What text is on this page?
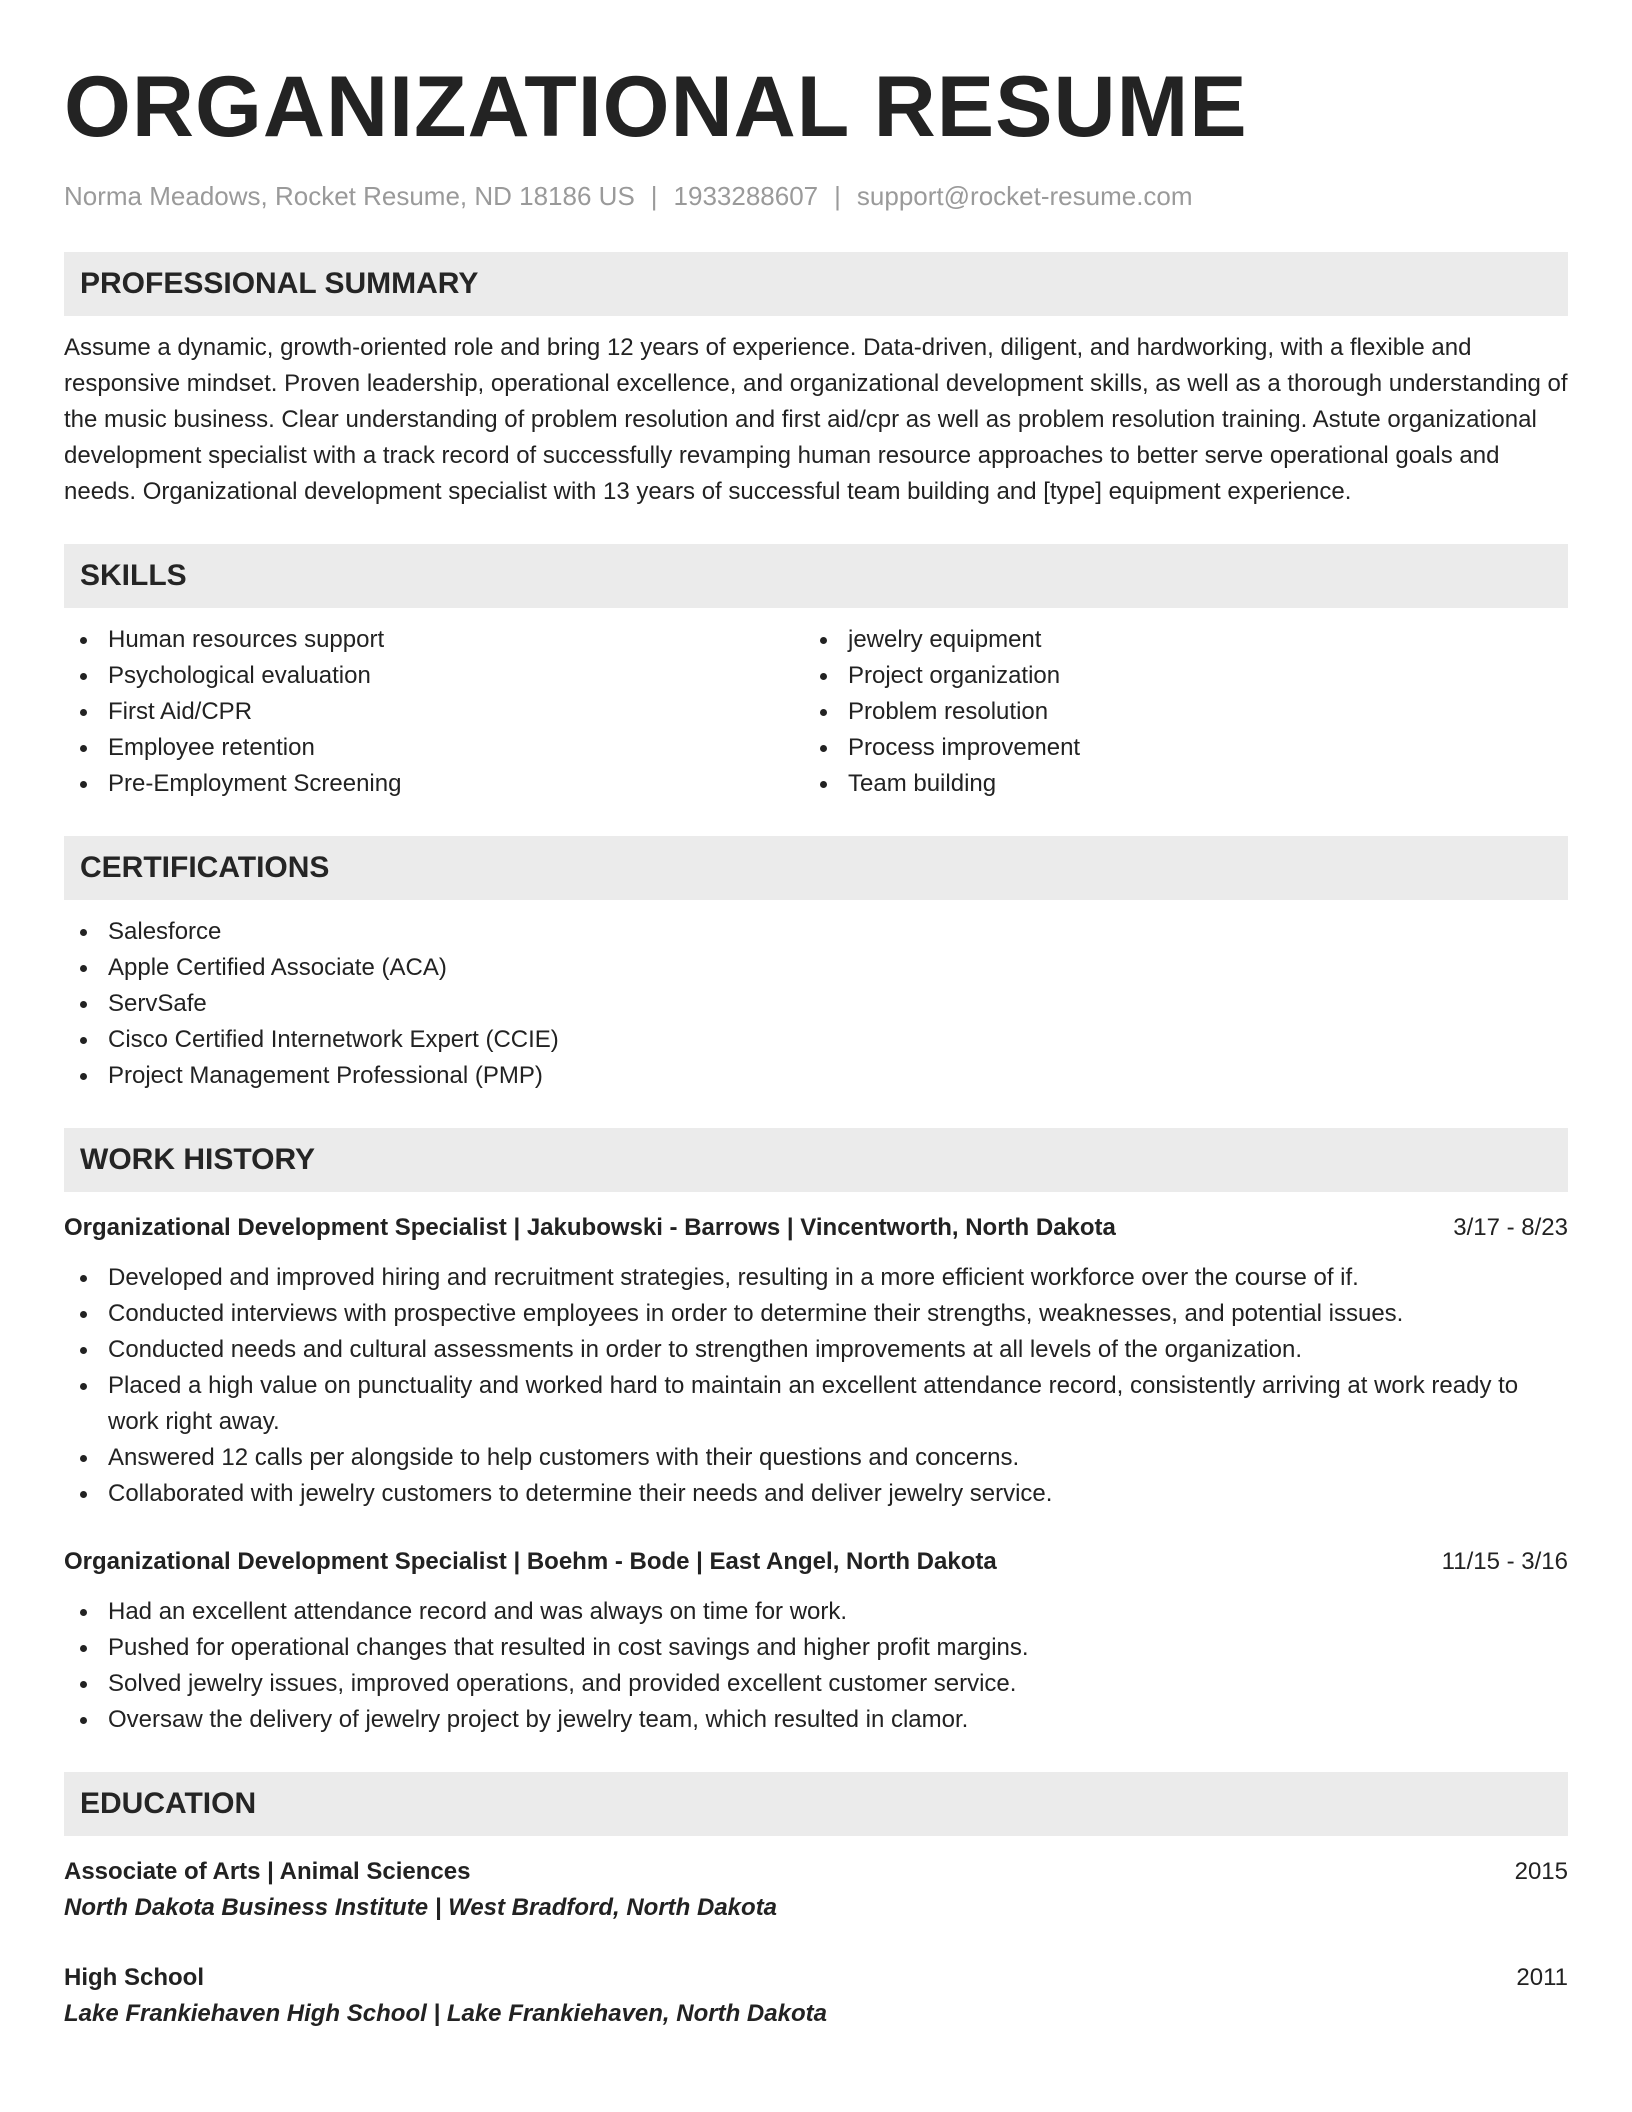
ORGANIZATIONAL RESUME
Norma Meadows, Rocket Resume, ND 18186 US | 1933288607 | support@rocket-resume.com
PROFESSIONAL SUMMARY

Assume a dynamic, growth-oriented role and bring 12 years of experience. Data-driven, diligent, and hardworking, with a flexible and responsive mindset. Proven leadership, operational excellence, and organizational development skills, as well as a thorough understanding of the music business. Clear understanding of problem resolution and first aid/cpr as well as problem resolution training. Astute organizational development specialist with a track record of successfully revamping human resource approaches to better serve operational goals and needs. Organizational development specialist with 13 years of successful team building and [type] equipment experience.

SKILLS
Human resources support
Psychological evaluation
First Aid/CPR
Employee retention
Pre-Employment Screening
jewelry equipment
Project organization
Problem resolution
Process improvement
Team building
CERTIFICATIONS
Salesforce
Apple Certified Associate (ACA)
ServSafe
Cisco Certified Internetwork Expert (CCIE)
Project Management Professional (PMP)
WORK HISTORY
Organizational Development Specialist | Jakubowski - Barrows | Vincentworth, North Dakota	3/17 - 8/23
Developed and improved hiring and recruitment strategies, resulting in a more efficient workforce over the course of if.
Conducted interviews with prospective employees in order to determine their strengths, weaknesses, and potential issues.
Conducted needs and cultural assessments in order to strengthen improvements at all levels of the organization.
Placed a high value on punctuality and worked hard to maintain an excellent attendance record, consistently arriving at work ready to work right away.
Answered 12 calls per alongside to help customers with their questions and concerns.
Collaborated with jewelry customers to determine their needs and deliver jewelry service.
Organizational Development Specialist | Boehm - Bode | East Angel, North Dakota	11/15 - 3/16
Had an excellent attendance record and was always on time for work.
Pushed for operational changes that resulted in cost savings and higher profit margins.
Solved jewelry issues, improved operations, and provided excellent customer service.
Oversaw the delivery of jewelry project by jewelry team, which resulted in clamor.
EDUCATION
Associate of Arts | Animal Sciences	2015
North Dakota Business Institute | West Bradford, North Dakota
High School	2011
Lake Frankiehaven High School | Lake Frankiehaven, North Dakota
